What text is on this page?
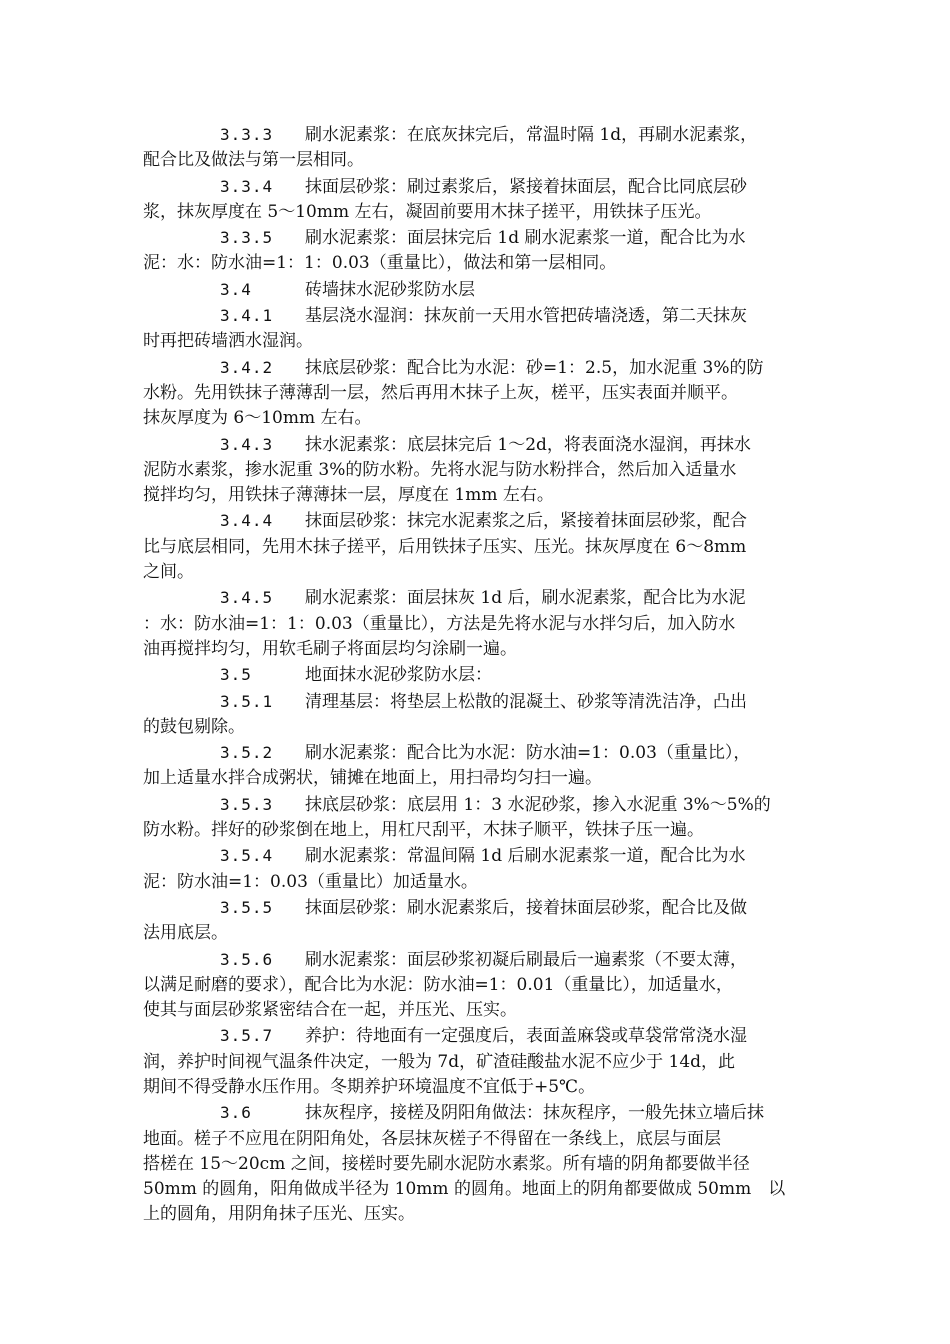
3.3.3 刷水泥素浆：在底灰抹完后，常温时隔 1d，再刷水泥素浆，
配合比及做法与第一层相同。
3.3.4 抹面层砂浆：刷过素浆后，紧接着抹面层，配合比同底层砂
浆，抹灰厚度在 5～10mm 左右，凝固前要用木抹子搓平，用铁抹子压光。
3.3.5 刷水泥素浆：面层抹完后 1d 刷水泥素浆一道，配合比为水
泥：水：防水油=1：1：0.03（重量比），做法和第一层相同。
3.4	砖墙抹水泥砂浆防水层
3.4.1 基层浇水湿润：抹灰前一天用水管把砖墙浇透，第二天抹灰
时再把砖墙洒水湿润。
3.4.2 抹底层砂浆：配合比为水泥：砂=1：2.5，加水泥重 3%的防
水粉。先用铁抹子薄薄刮一层，然后再用木抹子上灰，槎平，压实表面并顺平。
抹灰厚度为 6～10mm 左右。
3.4.3 抹水泥素浆：底层抹完后 1～2d，将表面浇水湿润，再抹水
泥防水素浆，掺水泥重 3%的防水粉。先将水泥与防水粉拌合，然后加入适量水
搅拌均匀，用铁抹子薄薄抹一层，厚度在 1mm 左右。
3.4.4 抹面层砂浆：抹完水泥素浆之后，紧接着抹面层砂浆，配合
比与底层相同，先用木抹子搓平，后用铁抹子压实、压光。抹灰厚度在 6～8mm
之间。
3.4.5 刷水泥素浆：面层抹灰 1d 后，刷水泥素浆，配合比为水泥
：水：防水油=1：1：0.03（重量比），方法是先将水泥与水拌匀后，加入防水
油再搅拌均匀，用软毛刷子将面层均匀涂刷一遍。
3.5	地面抹水泥砂浆防水层：
3.5.1 清理基层：将垫层上松散的混凝土、砂浆等清洗洁净，凸出
的鼓包剔除。
3.5.2 刷水泥素浆：配合比为水泥：防水油=1：0.03（重量比），
加上适量水拌合成粥状，铺摊在地面上，用扫帚均匀扫一遍。
3.5.3 抹底层砂浆：底层用 1：3 水泥砂浆，掺入水泥重 3%～5%的
防水粉。拌好的砂浆倒在地上，用杠尺刮平，木抹子顺平，铁抹子压一遍。
3.5.4 刷水泥素浆：常温间隔 1d 后刷水泥素浆一道，配合比为水
泥：防水油=1：0.03（重量比）加适量水。
3.5.5 抹面层砂浆：刷水泥素浆后，接着抹面层砂浆，配合比及做
法用底层。
3.5.6 刷水泥素浆：面层砂浆初凝后刷最后一遍素浆（不要太薄，
以满足耐磨的要求），配合比为水泥：防水油=1：0.01（重量比），加适量水，
使其与面层砂浆紧密结合在一起，并压光、压实。
3.5.7 养护：待地面有一定强度后，表面盖麻袋或草袋常常浇水湿
润，养护时间视气温条件决定，一般为 7d，矿渣硅酸盐水泥不应少于 14d，此
期间不得受静水压作用。冬期养护环境温度不宜低于+5℃。
3.6	抹灰程序，接槎及阴阳角做法：抹灰程序，一般先抹立墙后抹
地面。槎子不应甩在阴阳角处，各层抹灰槎子不得留在一条线上，底层与面层
搭槎在 15～20cm 之间，接槎时要先刷水泥防水素浆。所有墙的阴角都要做半径
50mm 的圆角，阳角做成半径为 10mm 的圆角。地面上的阴角都要做成 50mm　以
上的圆角，用阴角抹子压光、压实。
